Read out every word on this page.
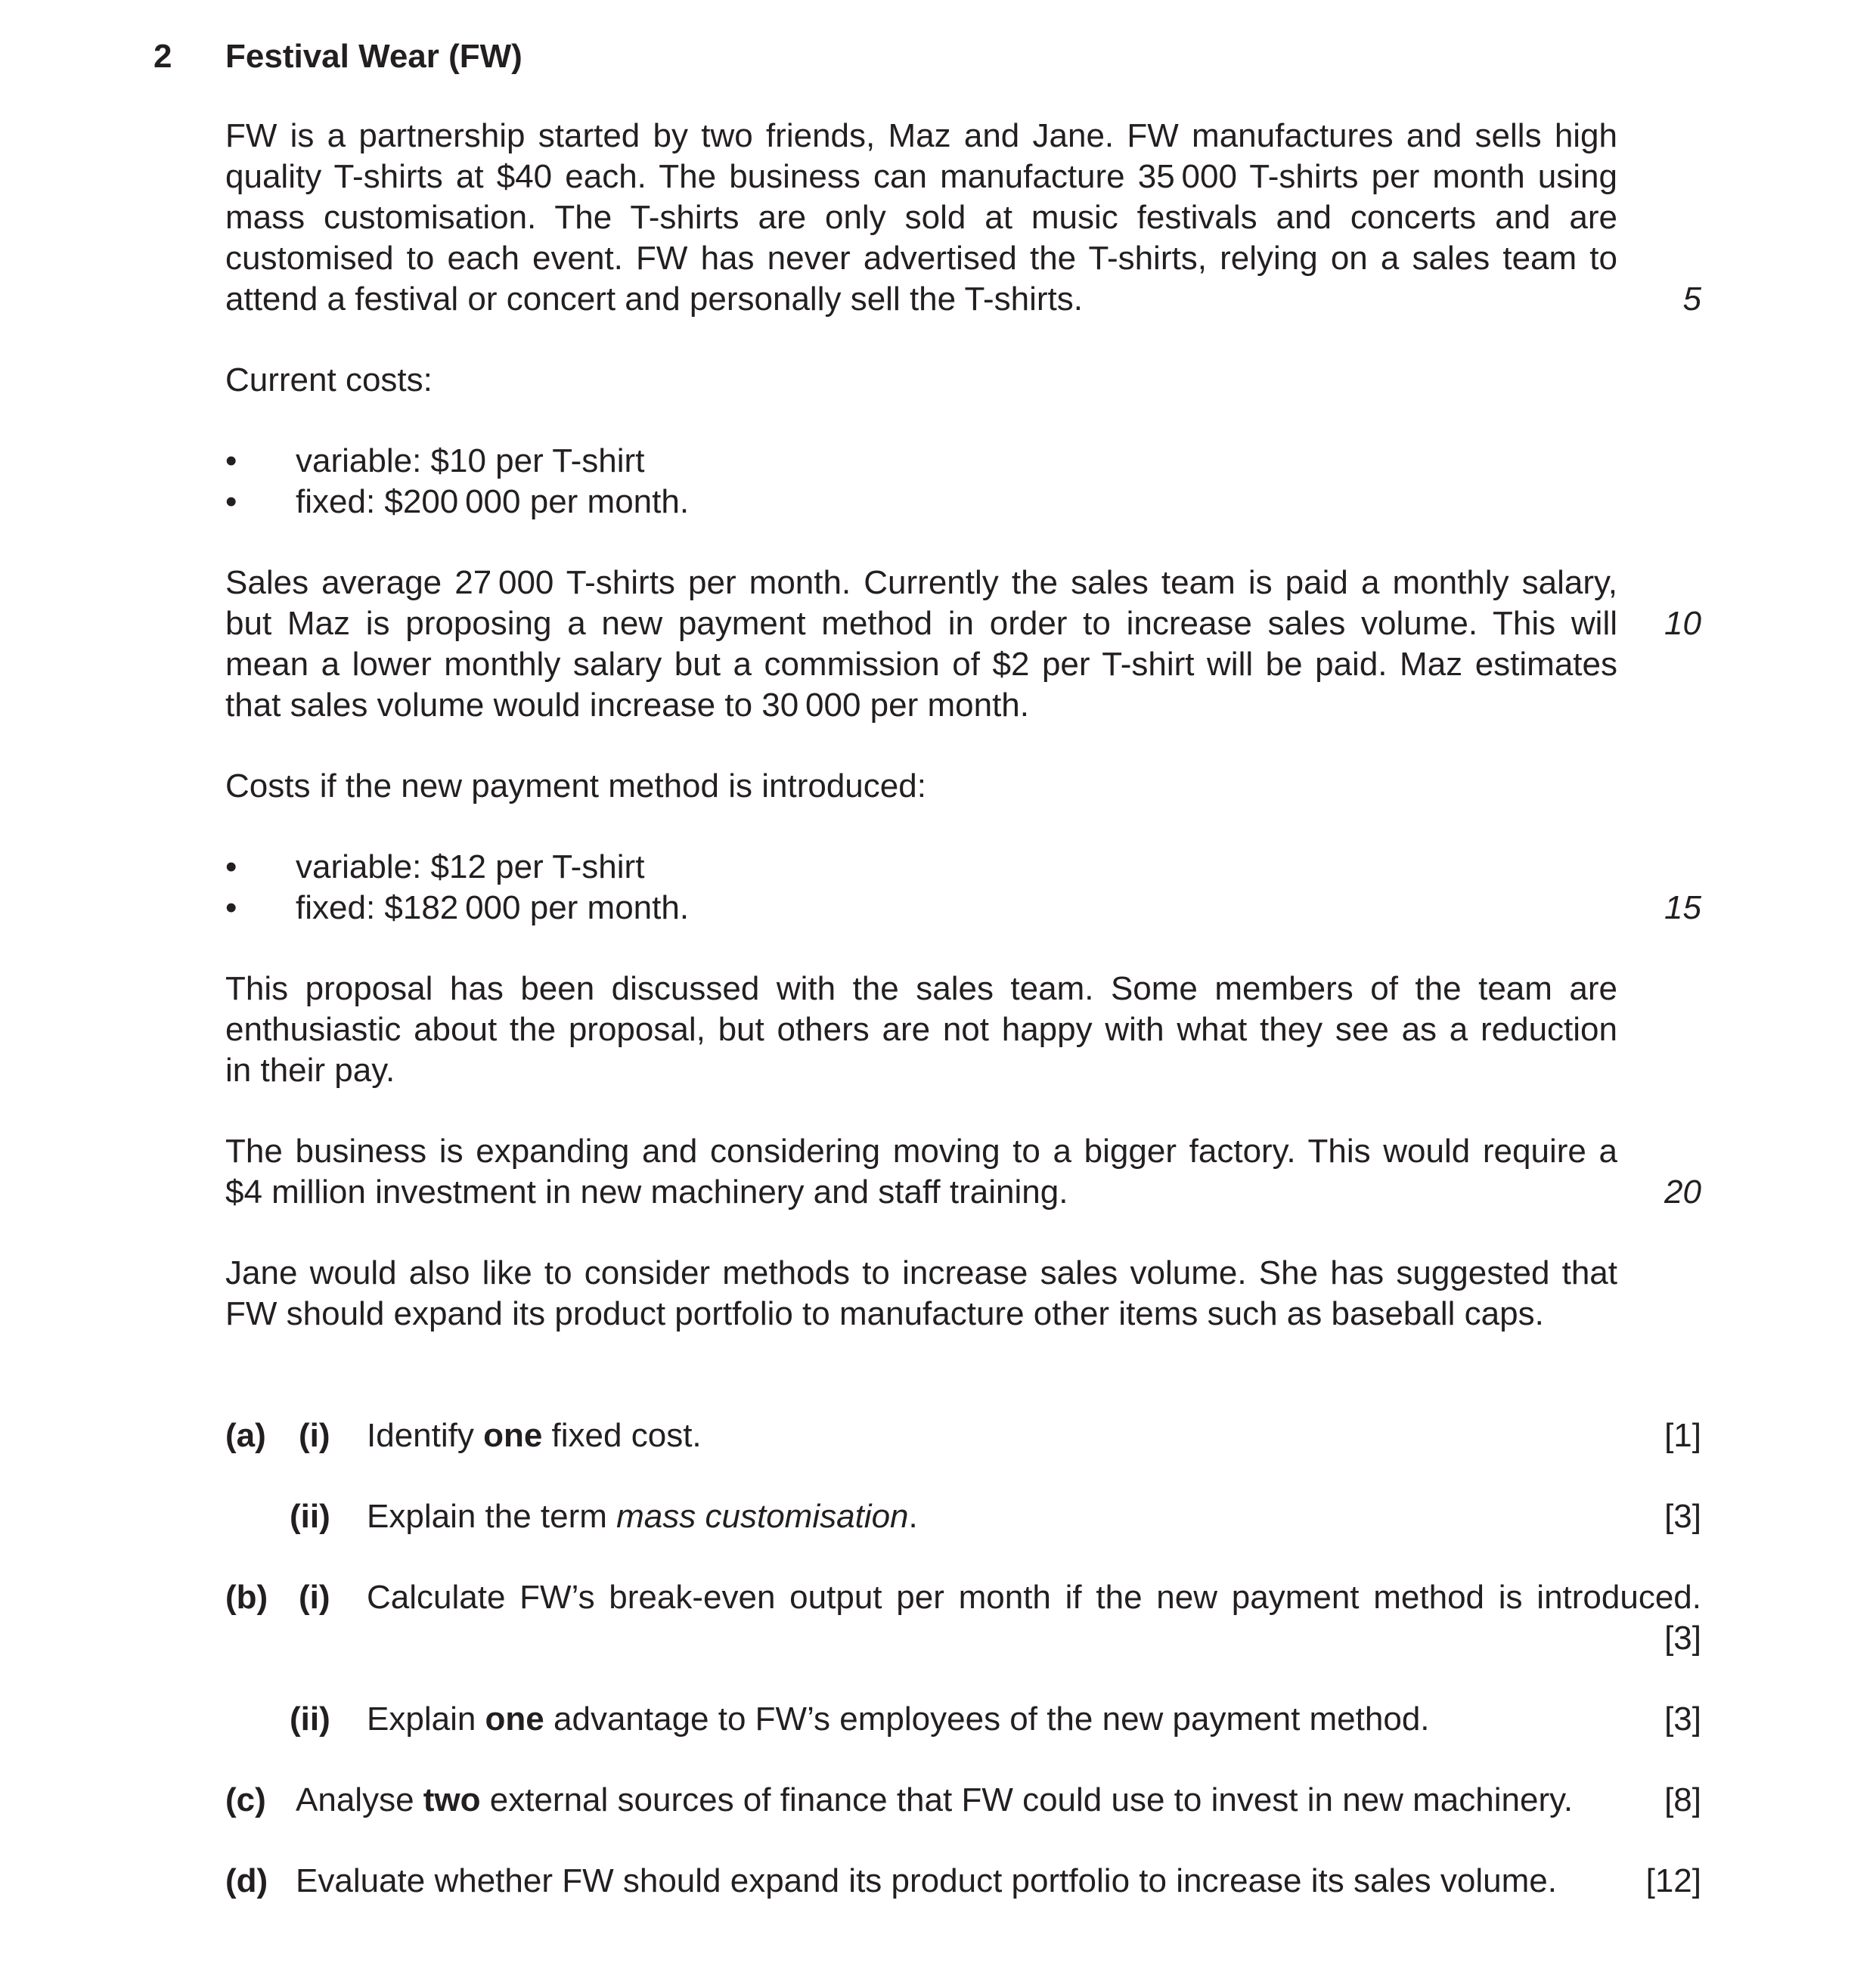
2 Festival Wear (FW)
FW is a partnership started by two friends, Maz and Jane. FW manufactures and sells high
quality T-shirts at $40 each. The business can manufacture 35 000 T-shirts per month using
mass customisation. The T-shirts are only sold at music festivals and concerts and are
customised to each event. FW has never advertised the T-shirts, relying on a sales team to
attend a festival or concert and personally sell the T-shirts.	5
Current costs:
• variable: $10 per T-shirt
• fixed: $200 000 per month.
Sales average 27 000 T-shirts per month. Currently the sales team is paid a monthly salary,
but Maz is proposing a new payment method in order to increase sales volume. This will
mean a lower monthly salary but a commission of $2 per T-shirt will be paid. Maz estimates
that sales volume would increase to 30 000 per month.
10
Costs if the new payment method is introduced:
• variable: $12 per T-shirt
• fixed: $182 000 per month.	15
This proposal has been discussed with the sales team. Some members of the team are
enthusiastic about the proposal, but others are not happy with what they see as a reduction
in their pay.
The business is expanding and considering moving to a bigger factory. This would require a
$4 million investment in new machinery and staff training.	20
Jane would also like to consider methods to increase sales volume. She has suggested that
FW should expand its product portfolio to manufacture other items such as baseball caps.
(a) (i) Identify one fixed cost.	[1]
(ii) Explain the term mass customisation.	[3]
(b) (i) Calculate FW’s break-even output per month if the new payment method is introduced.
[3]
(ii) Explain one advantage to FW’s employees of the new payment method.	[3]
(c) Analyse two external sources of finance that FW could use to invest in new machinery.	[8]
(d) Evaluate whether FW should expand its product portfolio to increase its sales volume.	[12]
